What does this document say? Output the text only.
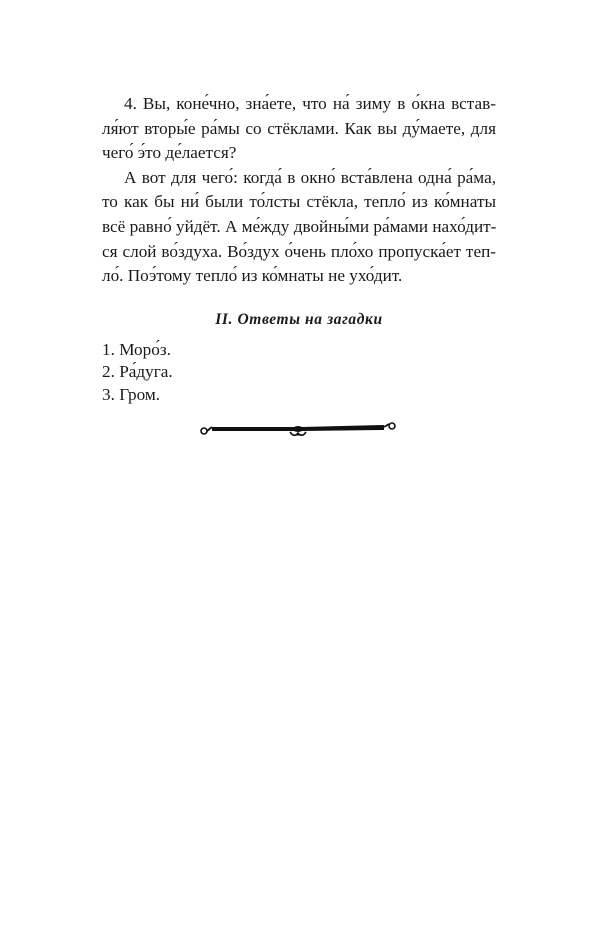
4. Вы, коне́чно, зна́ете, что на́ зиму в о́кна встав-
ля́ют вторы́е ра́мы со стёклами. Как вы ду́маете, для
чего́ э́то де́лается?

А вот для чего́: когда́ в окно́ вста́влена одна́ ра́ма,
то как бы ни́ были то́лсты стёкла, тепло́ из ко́мнаты
всё равно́ уйдёт. А ме́жду двойны́ми ра́мами нахо́дит-
ся слой во́здуха. Во́здух о́чень пло́хо пропуска́ет теп-
ло́. Поэ́тому тепло́ из ко́мнаты не ухо́дит.

II. Ответы на загадки
1. Моро́з.
2. Ра́дуга.
3. Гром.
